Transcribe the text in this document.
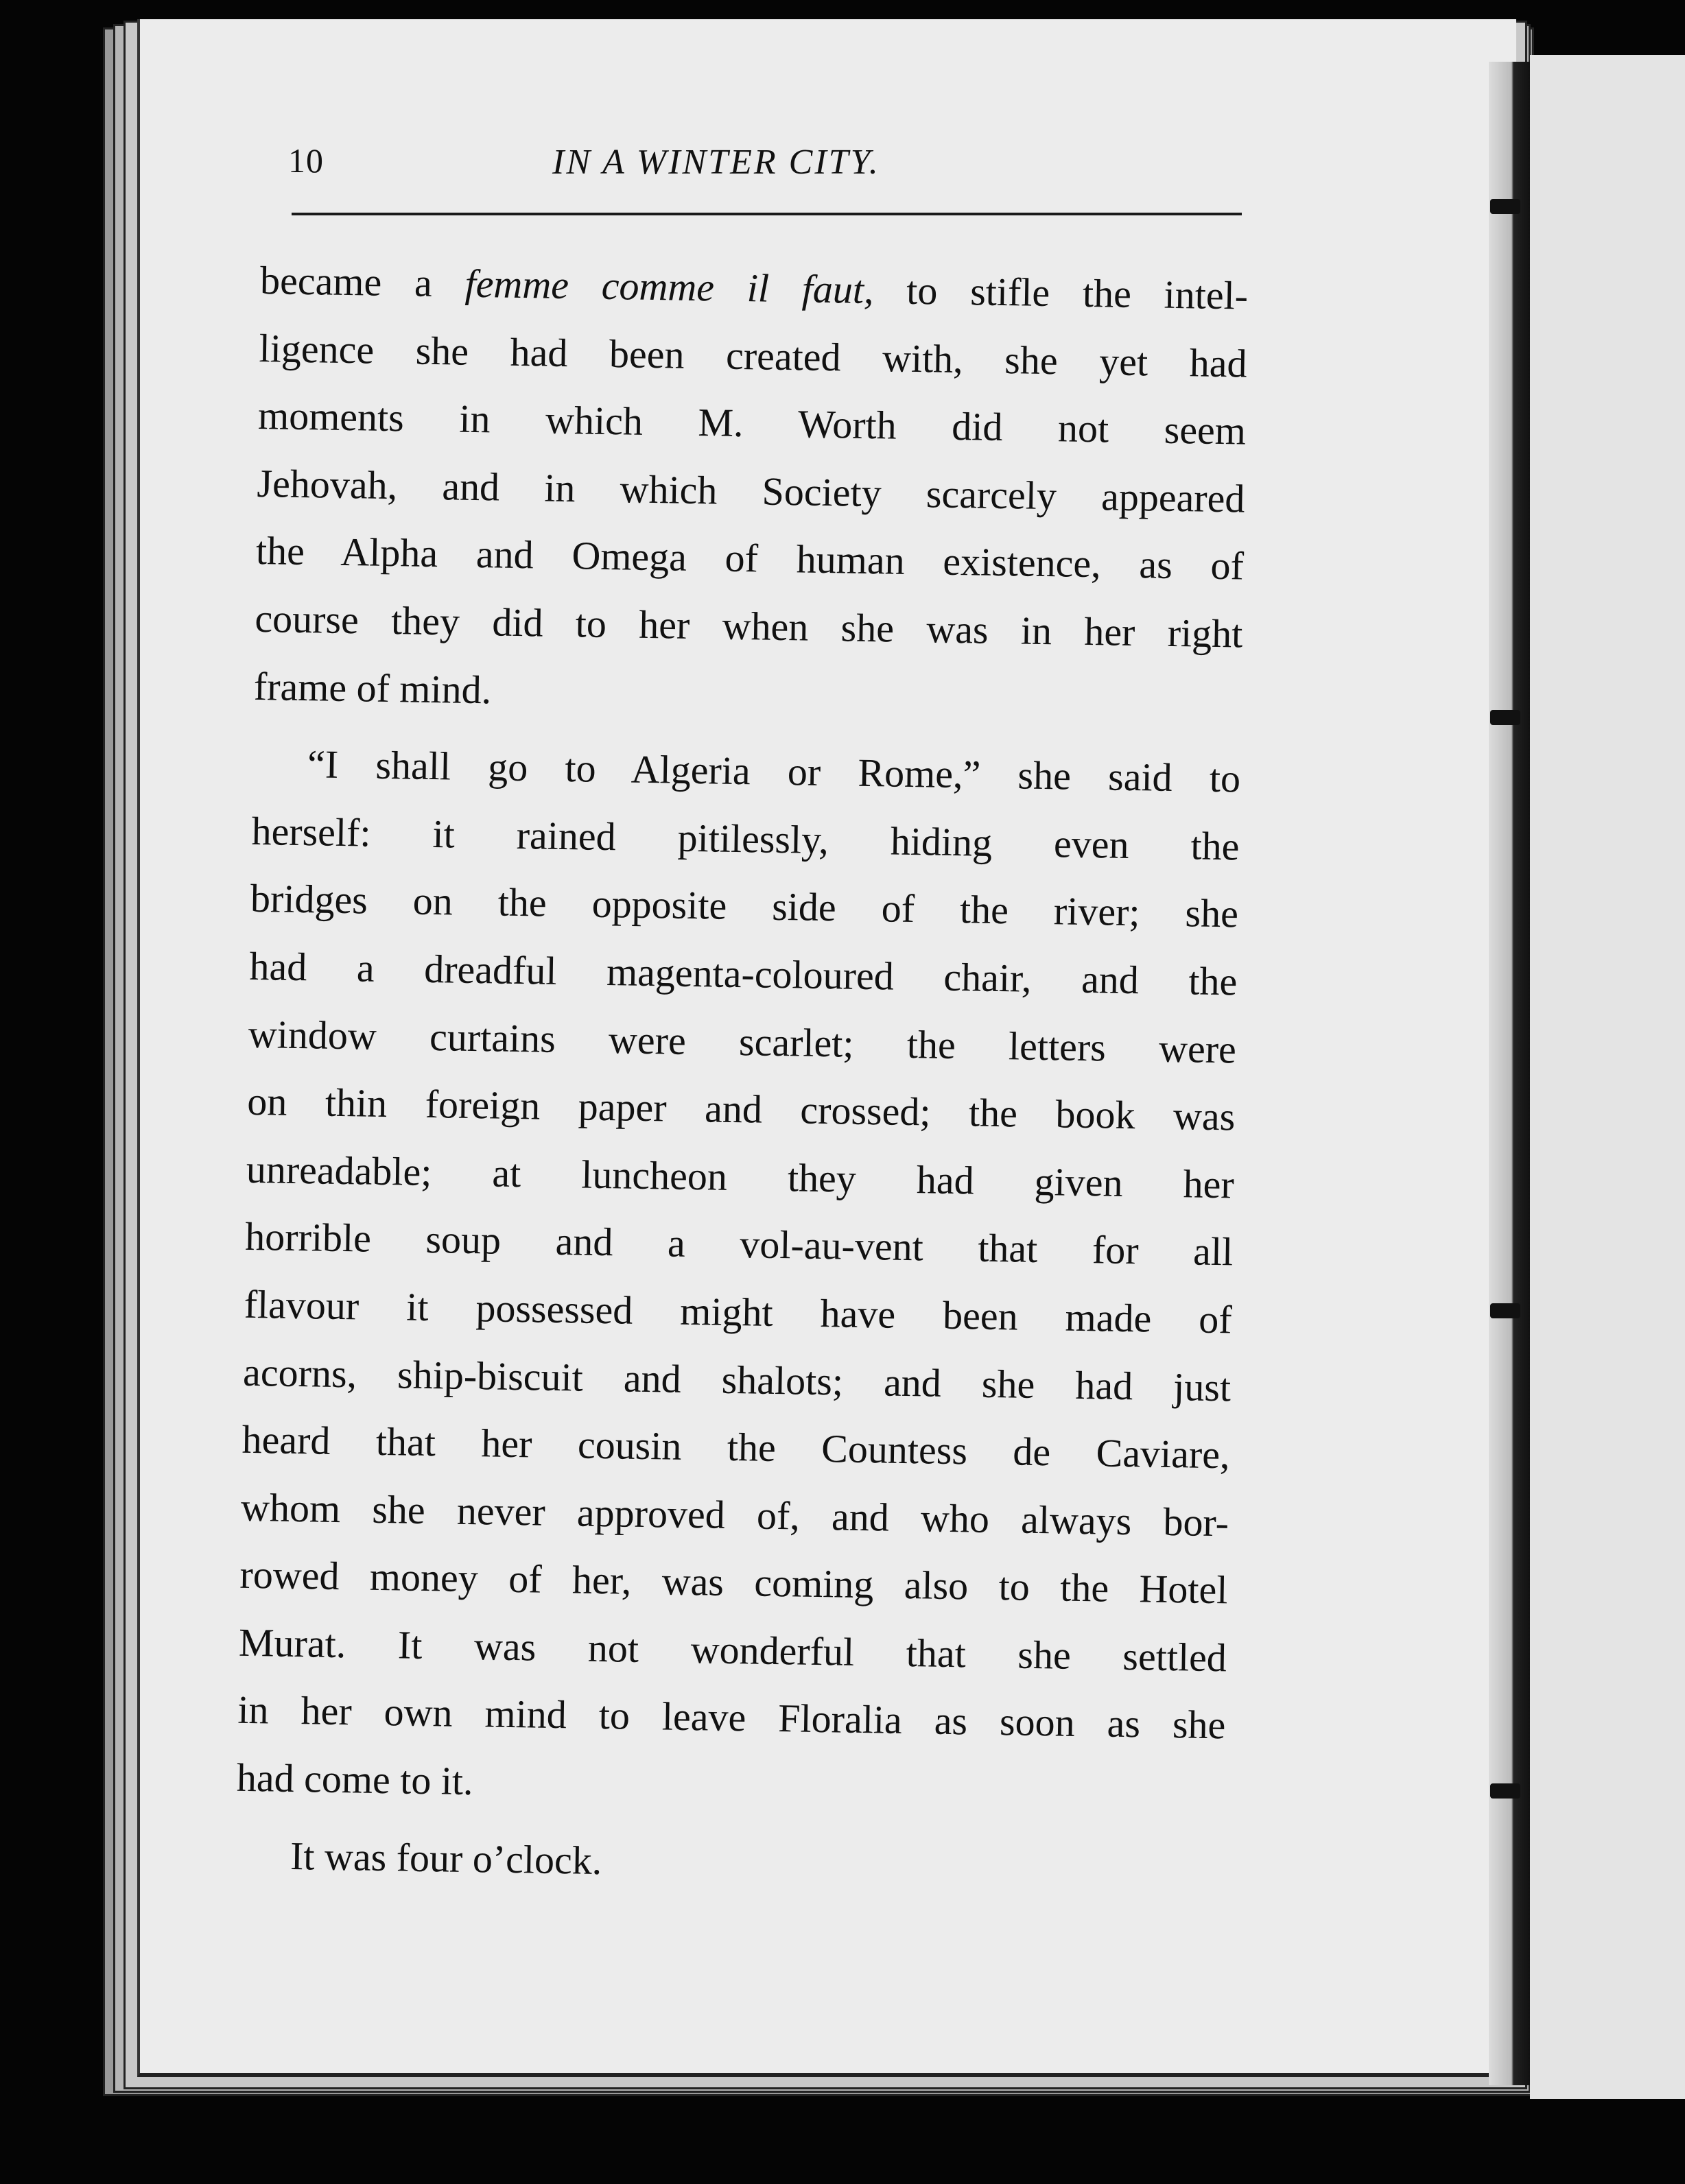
10	IN A WINTER CITY.
became a femme comme il faut, to stifle the intel-
ligence she had been created with, she yet had
moments in which M. Worth did not seem
Jehovah, and in which Society scarcely appeared
the Alpha and Omega of human existence, as of
course they did to her when she was in her right
frame of mind.
“I shall go to Algeria or Rome,” she said to
herself: it rained pitilessly, hiding even the
bridges on the opposite side of the river; she
had a dreadful magenta-coloured chair, and the
window curtains were scarlet; the letters were
on thin foreign paper and crossed; the book was
unreadable; at luncheon they had given her
horrible soup and a vol-au-vent that for all
flavour it possessed might have been made of
acorns, ship-biscuit and shalots; and she had just
heard that her cousin the Countess de Caviare,
whom she never approved of, and who always bor-
rowed money of her, was coming also to the Hotel
Murat. It was not wonderful that she settled
in her own mind to leave Floralia as soon as she
had come to it.
It was four o’clock.
